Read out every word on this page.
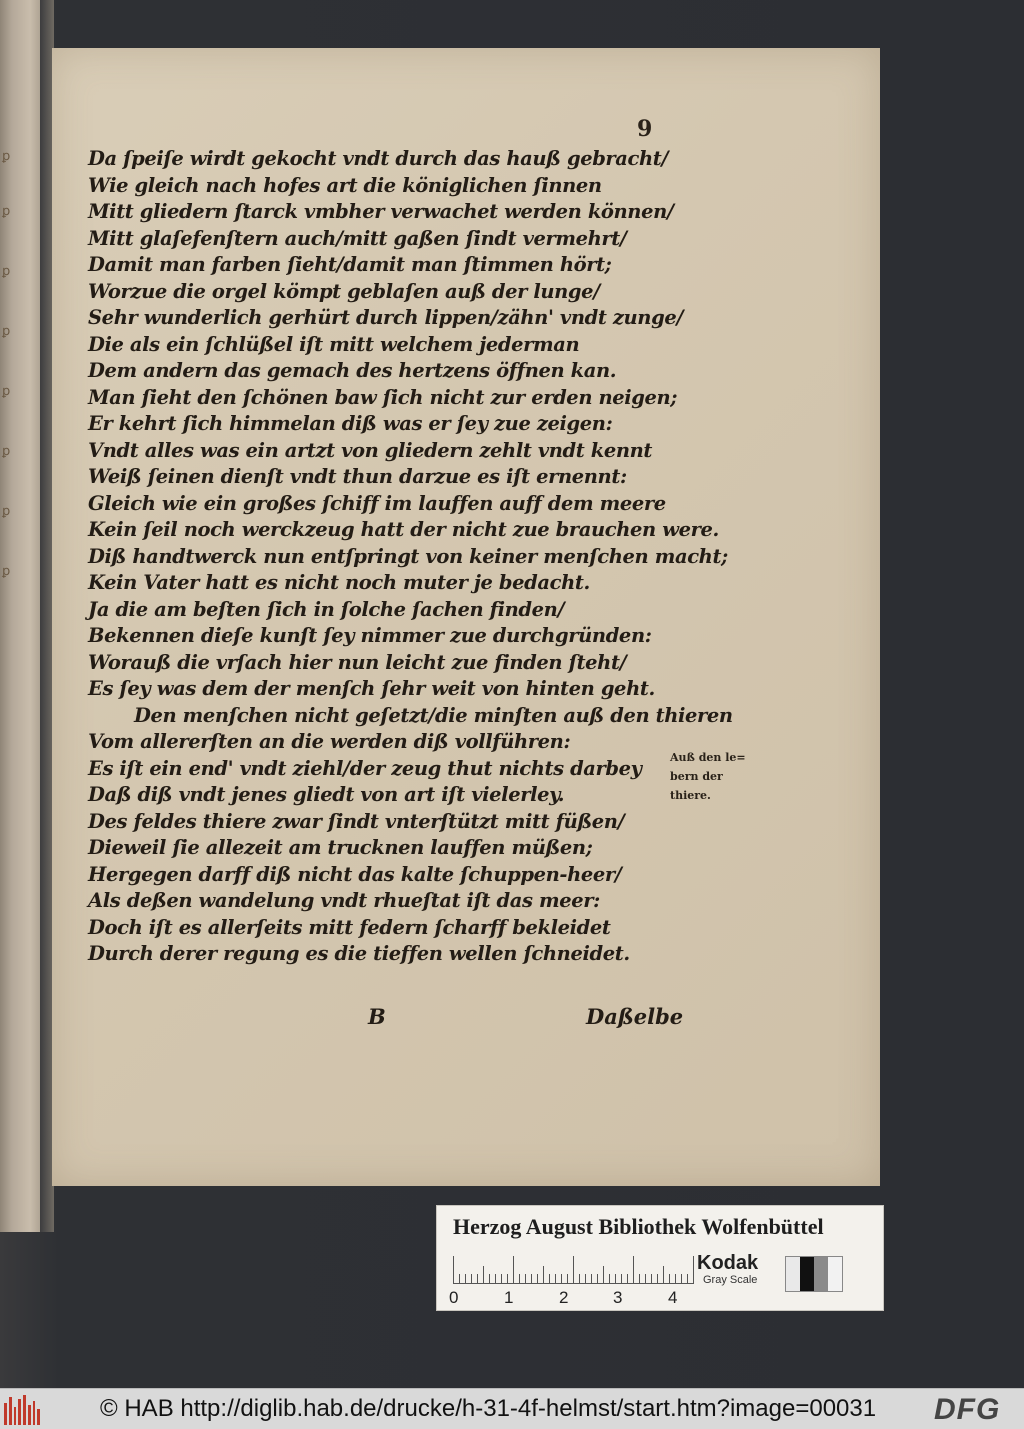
ꝑ
ꝑ
ꝑ
ꝑ
ꝑ
ꝑ
ꝑ
ꝑ
9
Da ſpeiſe wirdt gekocht vndt durch das hauß gebracht/
Wie gleich nach hofes art die königlichen ſinnen
Mitt gliedern ſtarck vmbher verwachet werden können/
Mitt glaſefenſtern auch/mitt gaßen ſindt vermehrt/
Damit man farben ſieht/damit man ſtimmen hört;
Worzue die orgel kömpt geblaſen auß der lunge/
Sehr wunderlich gerhürt durch lippen/zähn' vndt zunge/
Die als ein ſchlüßel iſt mitt welchem jederman
Dem andern das gemach des hertzens öffnen kan.
Man ſieht den ſchönen baw ſich nicht zur erden neigen;
Er kehrt ſich himmelan diß was er ſey zue zeigen:
Vndt alles was ein artzt von gliedern zehlt vndt kennt
Weiß ſeinen dienſt vndt thun darzue es iſt ernennt:
Gleich wie ein großes ſchiff im lauffen auff dem meere
Kein ſeil noch werckzeug hatt der nicht zue brauchen were.
Diß handtwerck nun entſpringt von keiner menſchen macht;
Kein Vater hatt es nicht noch muter je bedacht.
Ja die am beſten ſich in ſolche ſachen finden/
Bekennen dieſe kunſt ſey nimmer zue durchgründen:
Worauß die vrſach hier nun leicht zue finden ſteht/
Es ſey was dem der menſch ſehr weit von hinten geht.
Den menſchen nicht geſetzt/die minſten auß den thieren
Vom allererſten an die werden diß vollführen:
Es iſt ein end' vndt ziehl/der zeug thut nichts darbey
Daß diß vndt jenes gliedt von art iſt vielerley.
Des feldes thiere zwar ſindt vnterſtützt mitt füßen/
Dieweil ſie allezeit am trucknen lauffen müßen;
Hergegen darff diß nicht das kalte ſchuppen-heer/
Als deßen wandelung vndt rhueſtat iſt das meer:
Doch iſt es allerſeits mitt federn ſcharff bekleidet
Durch derer regung es die tieffen wellen ſchneidet.
Auß den le=
bern der
thiere.
B	Daßelbe
Herzog August Bibliothek Wolfenbüttel
0	1	2	3	4
Kodak
Gray Scale
© HAB http://diglib.hab.de/drucke/h-31-4f-helmst/start.htm?image=00031 DFG
